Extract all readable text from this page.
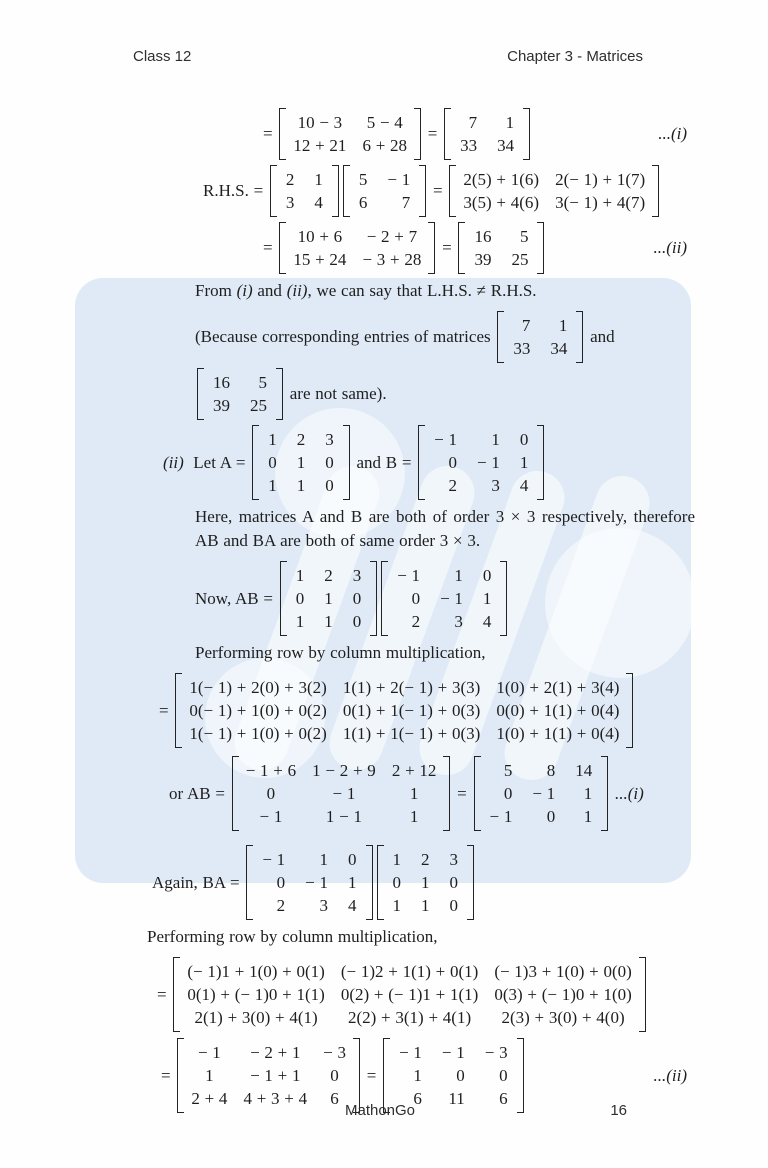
Class 12	Chapter 3 - Matrices
=
10 − 3	5 − 4
12 + 21	6 + 28
=
7	1
33	34
...(i)
R.H.S. =
2	1
3	4
5	− 1
6	7
=
2(5) + 1(6)	2(− 1) + 1(7)
3(5) + 4(6)	3(− 1) + 4(7)
=
10 + 6	− 2 + 7
15 + 24	− 3 + 28
=
16	5
39	25
...(ii)
From (i) and (ii) , we can say that L.H.S. ≠ R.H.S.
(Because corresponding entries of matrices
7	1
33	34
and
16	5
39	25
are not same).
(ii) Let A =
1	2	3
0	1	0
1	1	0
and B =
− 1	1	0
0	− 1	1
2	3	4
Here, matrices A and B are both of order 3 × 3 respectively, therefore AB and BA are both of same order 3 × 3.
Now, AB =
1	2	3
0	1	0
1	1	0
− 1	1	0
0	− 1	1
2	3	4
Performing row by column multiplication,
=
1(− 1) + 2(0) + 3(2)	1(1) + 2(− 1) + 3(3)	1(0) + 2(1) + 3(4)
0(− 1) + 1(0) + 0(2)	0(1) + 1(− 1) + 0(3)	0(0) + 1(1) + 0(4)
1(− 1) + 1(0) + 0(2)	1(1) + 1(− 1) + 0(3)	1(0) + 1(1) + 0(4)
or AB =
− 1 + 6	1 − 2 + 9	2 + 12
0	− 1	1
− 1	1 − 1	1
=
5	8	14
0	− 1	1
− 1	0	1
...(i)
Again, BA =
− 1	1	0
0	− 1	1
2	3	4
1	2	3
0	1	0
1	1	0
Performing row by column multiplication,
=
(− 1)1 + 1(0) + 0(1)	(− 1)2 + 1(1) + 0(1)	(− 1)3 + 1(0) + 0(0)
0(1) + (− 1)0 + 1(1)	0(2) + (− 1)1 + 1(1)	0(3) + (− 1)0 + 1(0)
2(1) + 3(0) + 4(1)	2(2) + 3(1) + 4(1)	2(3) + 3(0) + 4(0)
=
− 1	− 2 + 1	− 3
1	− 1 + 1	0
2 + 4	4 + 3 + 4	6
=
− 1	− 1	− 3
1	0	0
6	11	6
...(ii)
MathonGo	16
